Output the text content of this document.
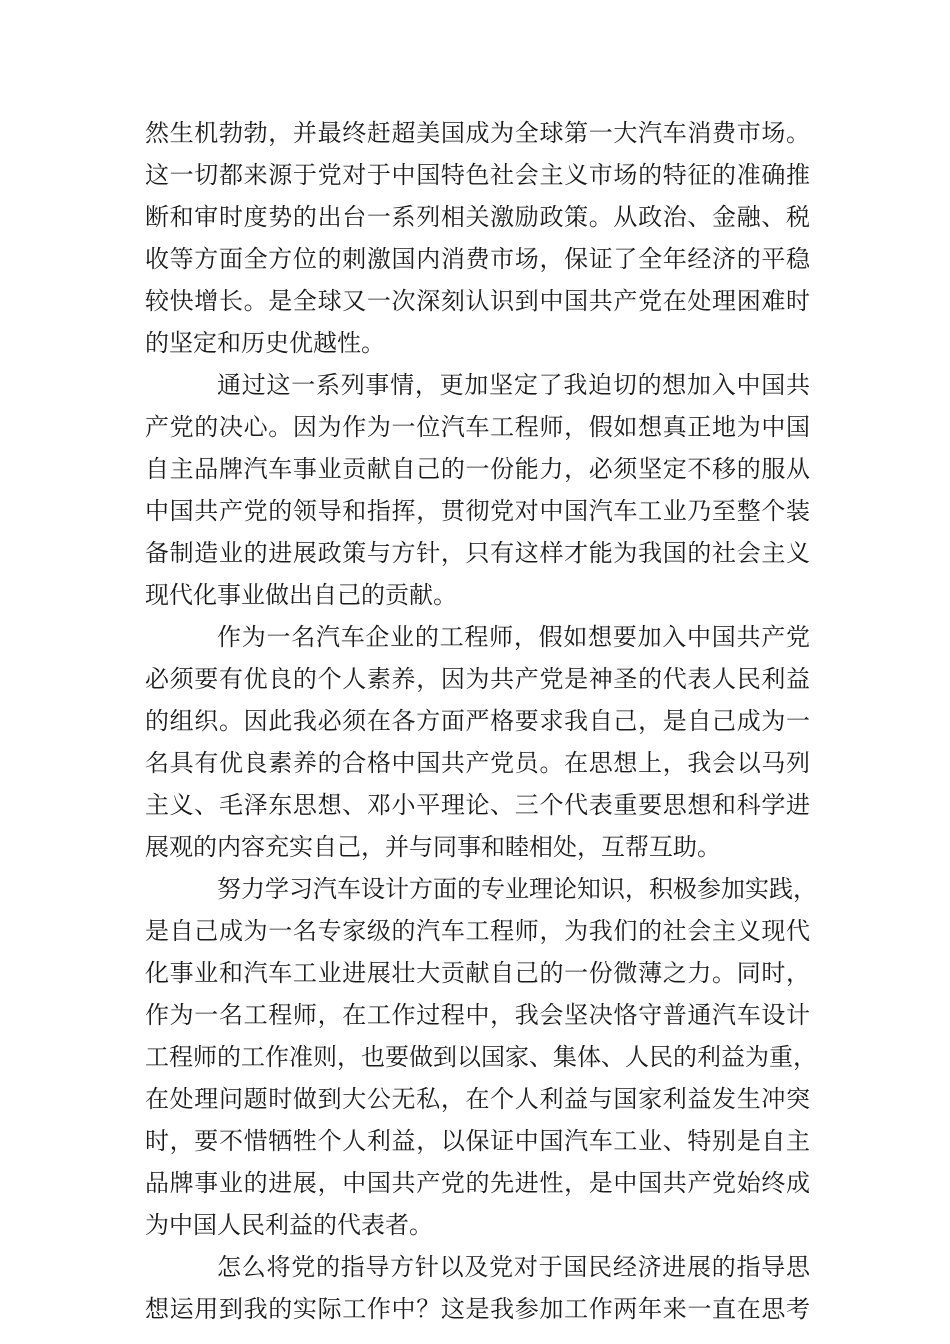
然生机勃勃，并最终赶超美国成为全球第一大汽车消费市场。
这一切都来源于党对于中国特色社会主义市场的特征的准确推
断和审时度势的出台一系列相关激励政策。从政治、金融、税
收等方面全方位的刺激国内消费市场，保证了全年经济的平稳
较快增长。是全球又一次深刻认识到中国共产党在处理困难时
的坚定和历史优越性。
通过这一系列事情，更加坚定了我迫切的想加入中国共
产党的决心。因为作为一位汽车工程师，假如想真正地为中国
自主品牌汽车事业贡献自己的一份能力，必须坚定不移的服从
中国共产党的领导和指挥，贯彻党对中国汽车工业乃至整个装
备制造业的进展政策与方针，只有这样才能为我国的社会主义
现代化事业做出自己的贡献。
作为一名汽车企业的工程师，假如想要加入中国共产党
必须要有优良的个人素养，因为共产党是神圣的代表人民利益
的组织。因此我必须在各方面严格要求我自己，是自己成为一
名具有优良素养的合格中国共产党员。在思想上，我会以马列
主义、毛泽东思想、邓小平理论、三个代表重要思想和科学进
展观的内容充实自己，并与同事和睦相处，互帮互助。
努力学习汽车设计方面的专业理论知识，积极参加实践，
是自己成为一名专家级的汽车工程师，为我们的社会主义现代
化事业和汽车工业进展壮大贡献自己的一份微薄之力。同时，
作为一名工程师，在工作过程中，我会坚决恪守普通汽车设计
工程师的工作准则，也要做到以国家、集体、人民的利益为重，
在处理问题时做到大公无私，在个人利益与国家利益发生冲突
时，要不惜牺牲个人利益，以保证中国汽车工业、特别是自主
品牌事业的进展，中国共产党的先进性，是中国共产党始终成
为中国人民利益的代表者。
怎么将党的指导方针以及党对于国民经济进展的指导思
想运用到我的实际工作中？这是我参加工作两年来一直在思考
